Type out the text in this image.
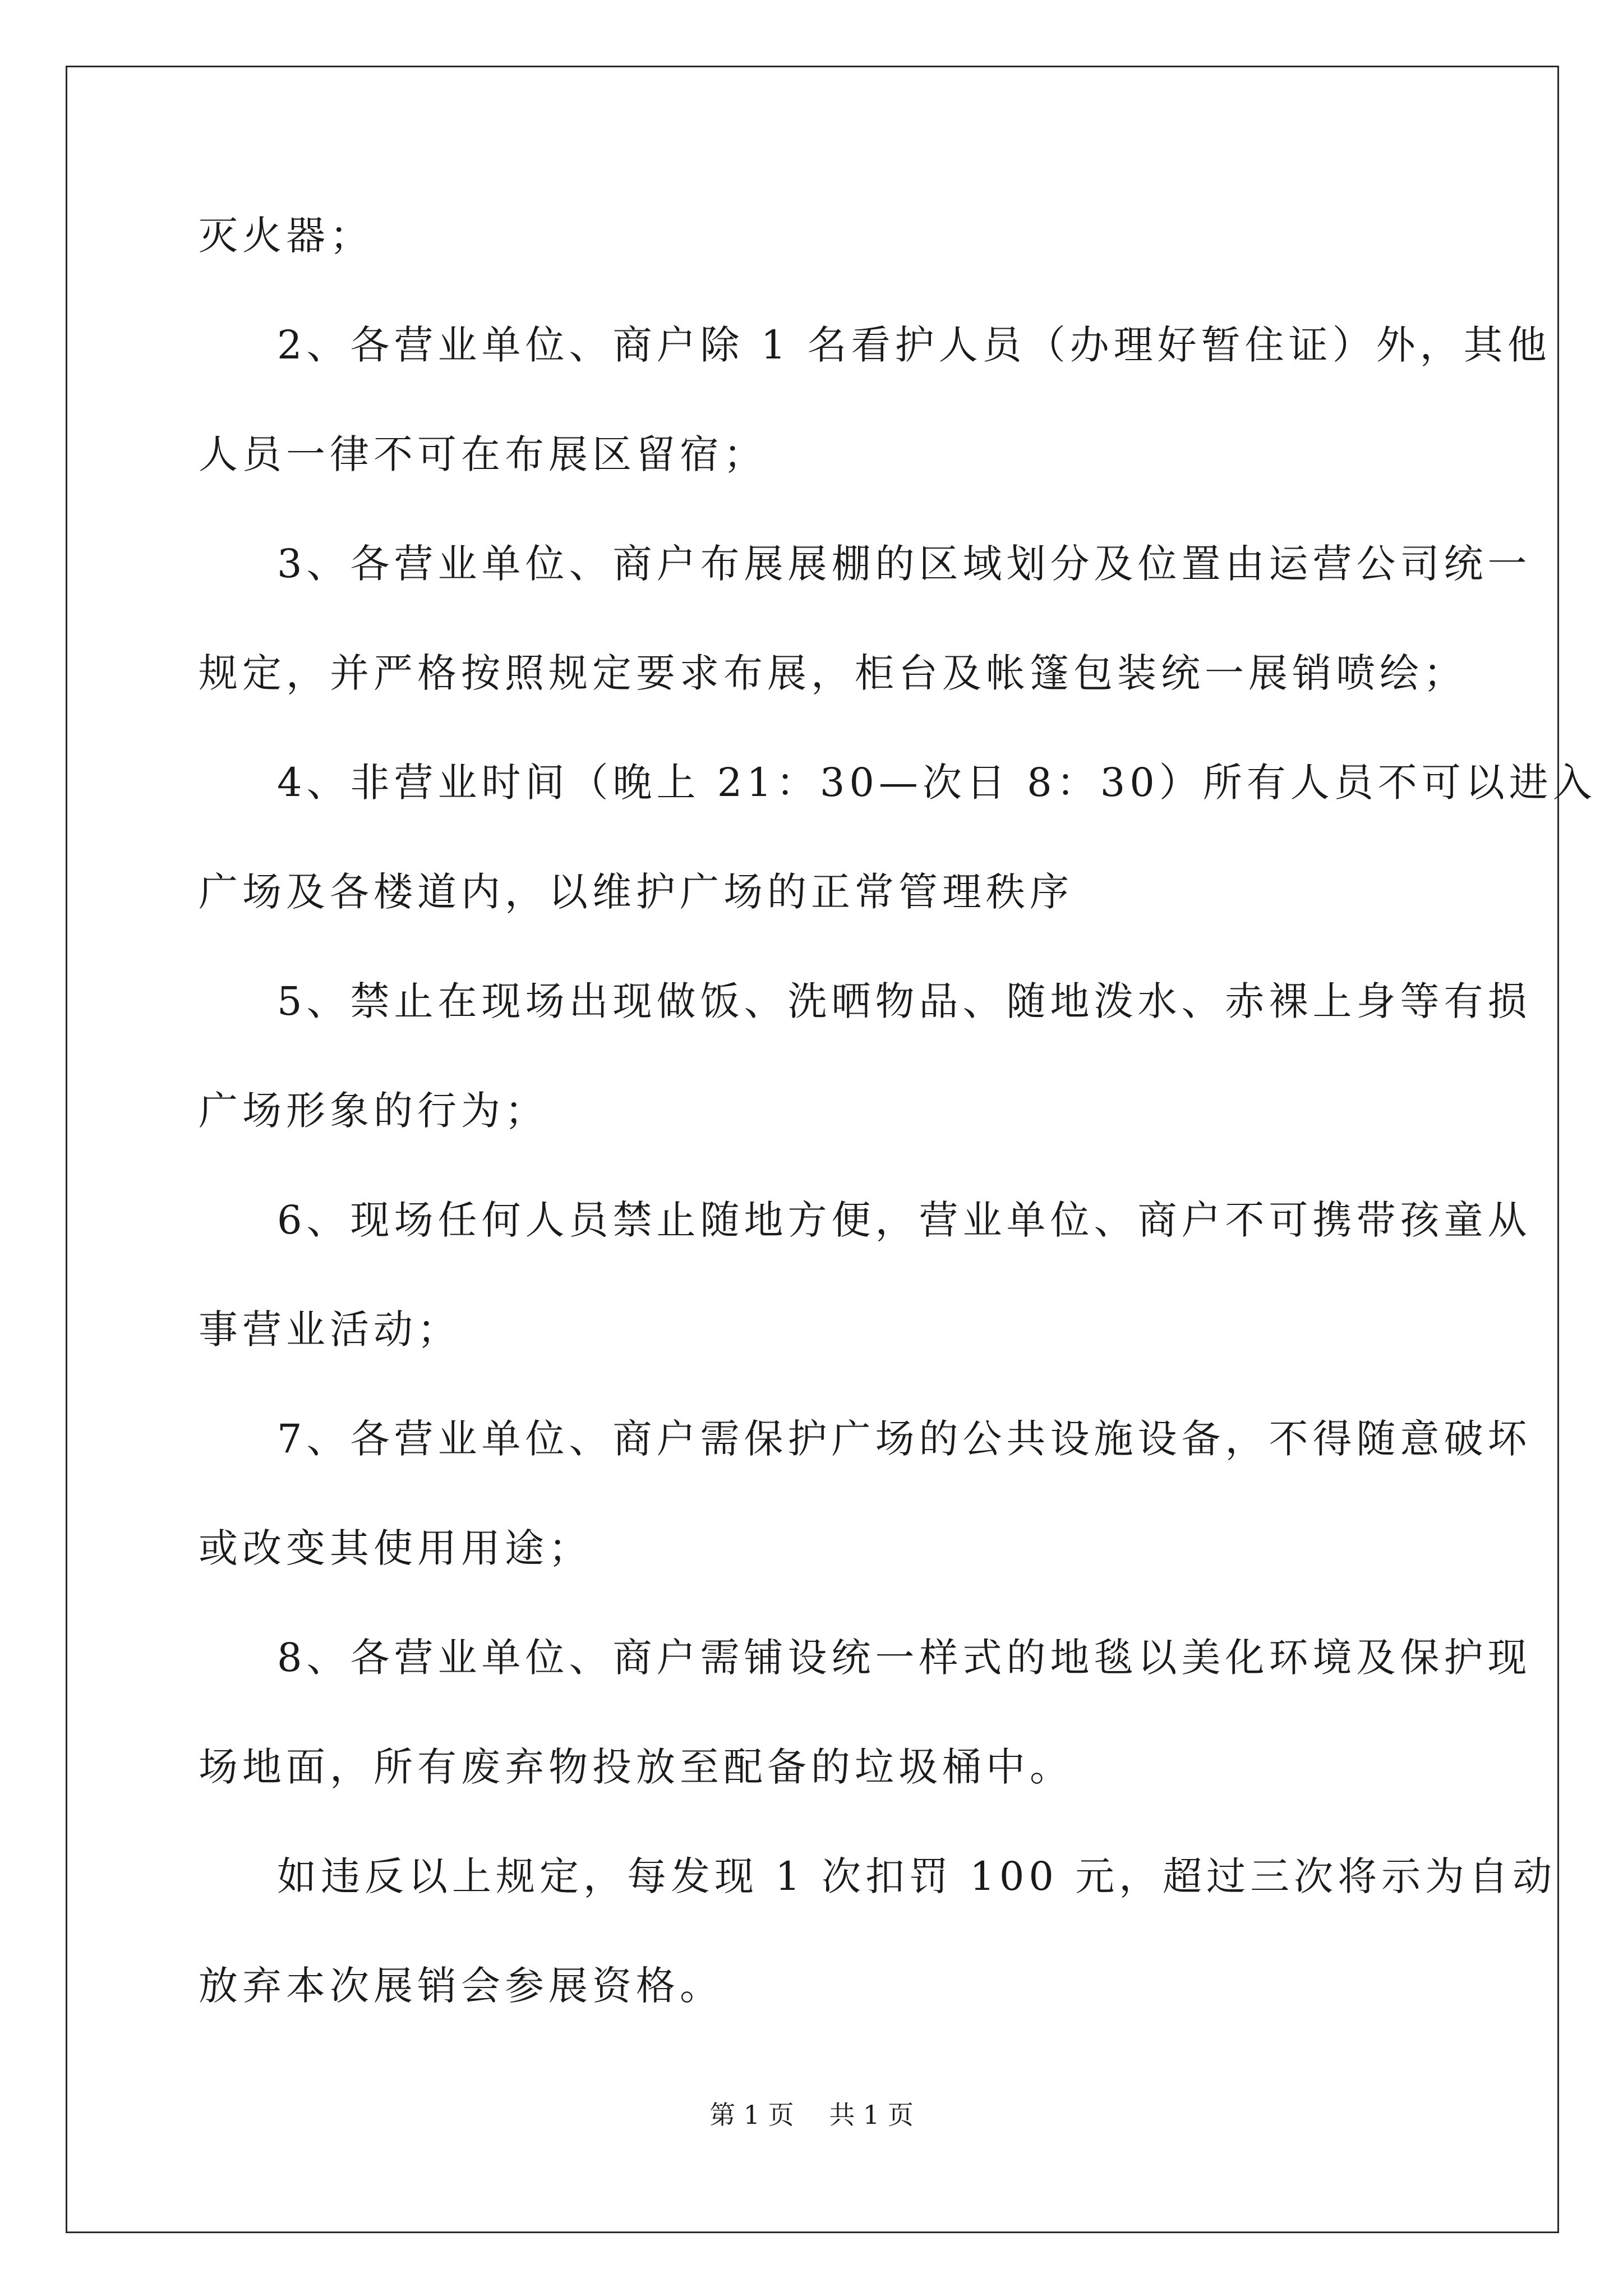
灭火器；
2、各营业单位、商户除 1 名看护人员（办理好暂住证）外，其他
人员一律不可在布展区留宿；
3、各营业单位、商户布展展棚的区域划分及位置由运营公司统一
规定，并严格按照规定要求布展，柜台及帐篷包装统一展销喷绘；
4、非营业时间（晚上 21：30—次日 8：30）所有人员不可以进入
广场及各楼道内，以维护广场的正常管理秩序
5、禁止在现场出现做饭、洗晒物品、随地泼水、赤裸上身等有损
广场形象的行为；
6、现场任何人员禁止随地方便，营业单位、商户不可携带孩童从
事营业活动；
7、各营业单位、商户需保护广场的公共设施设备，不得随意破坏
或改变其使用用途；
8、各营业单位、商户需铺设统一样式的地毯以美化环境及保护现
场地面，所有废弃物投放至配备的垃圾桶中。
如违反以上规定，每发现 1 次扣罚 100 元，超过三次将示为自动
放弃本次展销会参展资格。
第 1 页 共 1 页
